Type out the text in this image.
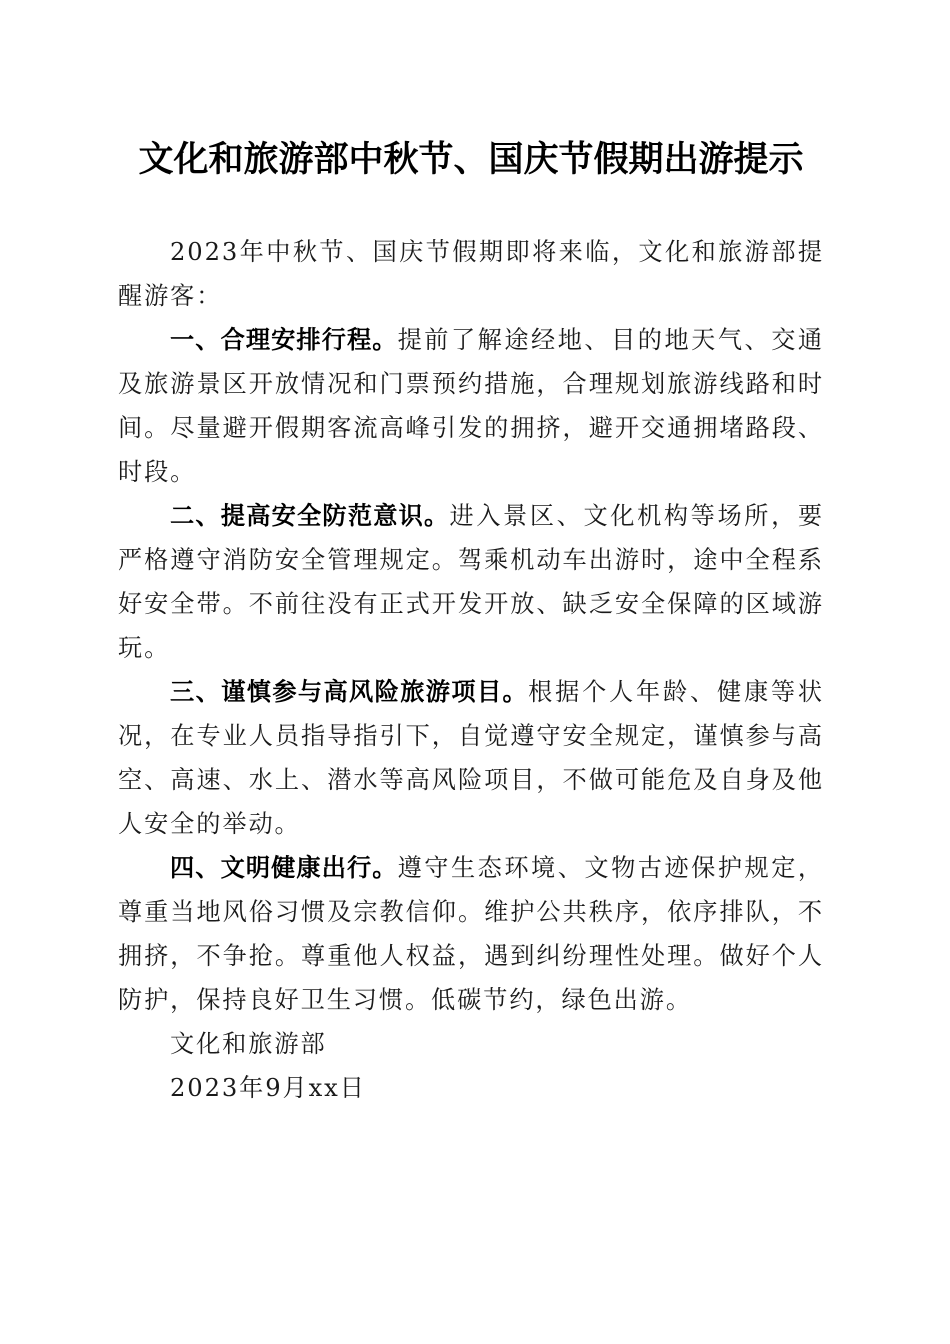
文化和旅游部中秋节、国庆节假期出游提示

2023年中秋节、国庆节假期即将来临，文化和旅游部提醒游客：

一、合理安排行程。提前了解途经地、目的地天气、交通及旅游景区开放情况和门票预约措施，合理规划旅游线路和时间。尽量避开假期客流高峰引发的拥挤，避开交通拥堵路段、时段。

二、提高安全防范意识。进入景区、文化机构等场所，要严格遵守消防安全管理规定。驾乘机动车出游时，途中全程系好安全带。不前往没有正式开发开放、缺乏安全保障的区域游玩。

三、谨慎参与高风险旅游项目。根据个人年龄、健康等状况，在专业人员指导指引下，自觉遵守安全规定，谨慎参与高空、高速、水上、潜水等高风险项目，不做可能危及自身及他人安全的举动。

四、文明健康出行。遵守生态环境、文物古迹保护规定，尊重当地风俗习惯及宗教信仰。维护公共秩序，依序排队，不拥挤，不争抢。尊重他人权益，遇到纠纷理性处理。做好个人防护，保持良好卫生习惯。低碳节约，绿色出游。

文化和旅游部

2023年9月xx日
